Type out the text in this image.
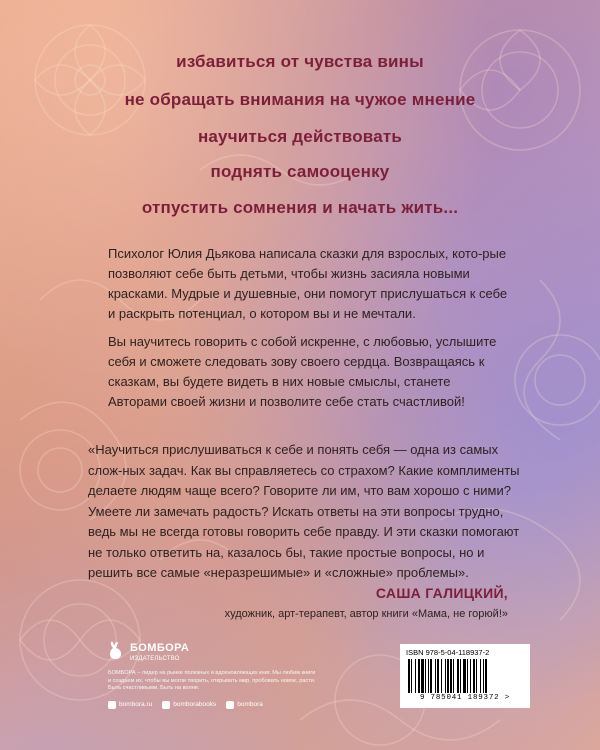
избавиться от чувства вины
не обращать внимания на чужое мнение
научиться действовать
поднять самооценку
отпустить сомнения и начать жить...

Психолог Юлия Дьякова написала сказки для взрослых, кото-рые позволяют себе быть детьми, чтобы жизнь засияла новыми красками. Мудрые и душевные, они помогут прислушаться к себе и раскрыть потенциал, о котором вы и не мечтали.

Вы научитесь говорить с собой искренне, с любовью, услышите себя и сможете следовать зову своего сердца. Возвращаясь к сказкам, вы будете видеть в них новые смыслы, станете Авторами своей жизни и позволите себе стать счастливой!

«Научиться прислушиваться к себе и понять себя — одна из самых слож-ных задач. Как вы справляетесь со страхом? Какие комплименты делаете людям чаще всего? Говорите ли им, что вам хорошо с ними? Умеете ли замечать радость? Искать ответы на эти вопросы трудно, ведь мы не всегда готовы говорить себе правду. И эти сказки помогают не только ответить на, казалось бы, такие простые вопросы, но и решить все самые «неразрешимые» и «сложные» проблемы».

САША ГАЛИЦКИЙ,
художник, арт-терапевт, автор книги «Мама, не горюй!»
БОМБОРА
ИЗДАТЕЛЬСТВО
БОМБОРА – лидер на рынке полезных и вдохновляющих книг. Мы любим книги и создаем их, чтобы вы могли творить, открывать мир, пробовать новое, расти. Быть счастливыми. Быть на волне.
bombora.ru	bomborabooks	bombora
ISBN 978-5-04-118937-2
9 785041 189372 >
